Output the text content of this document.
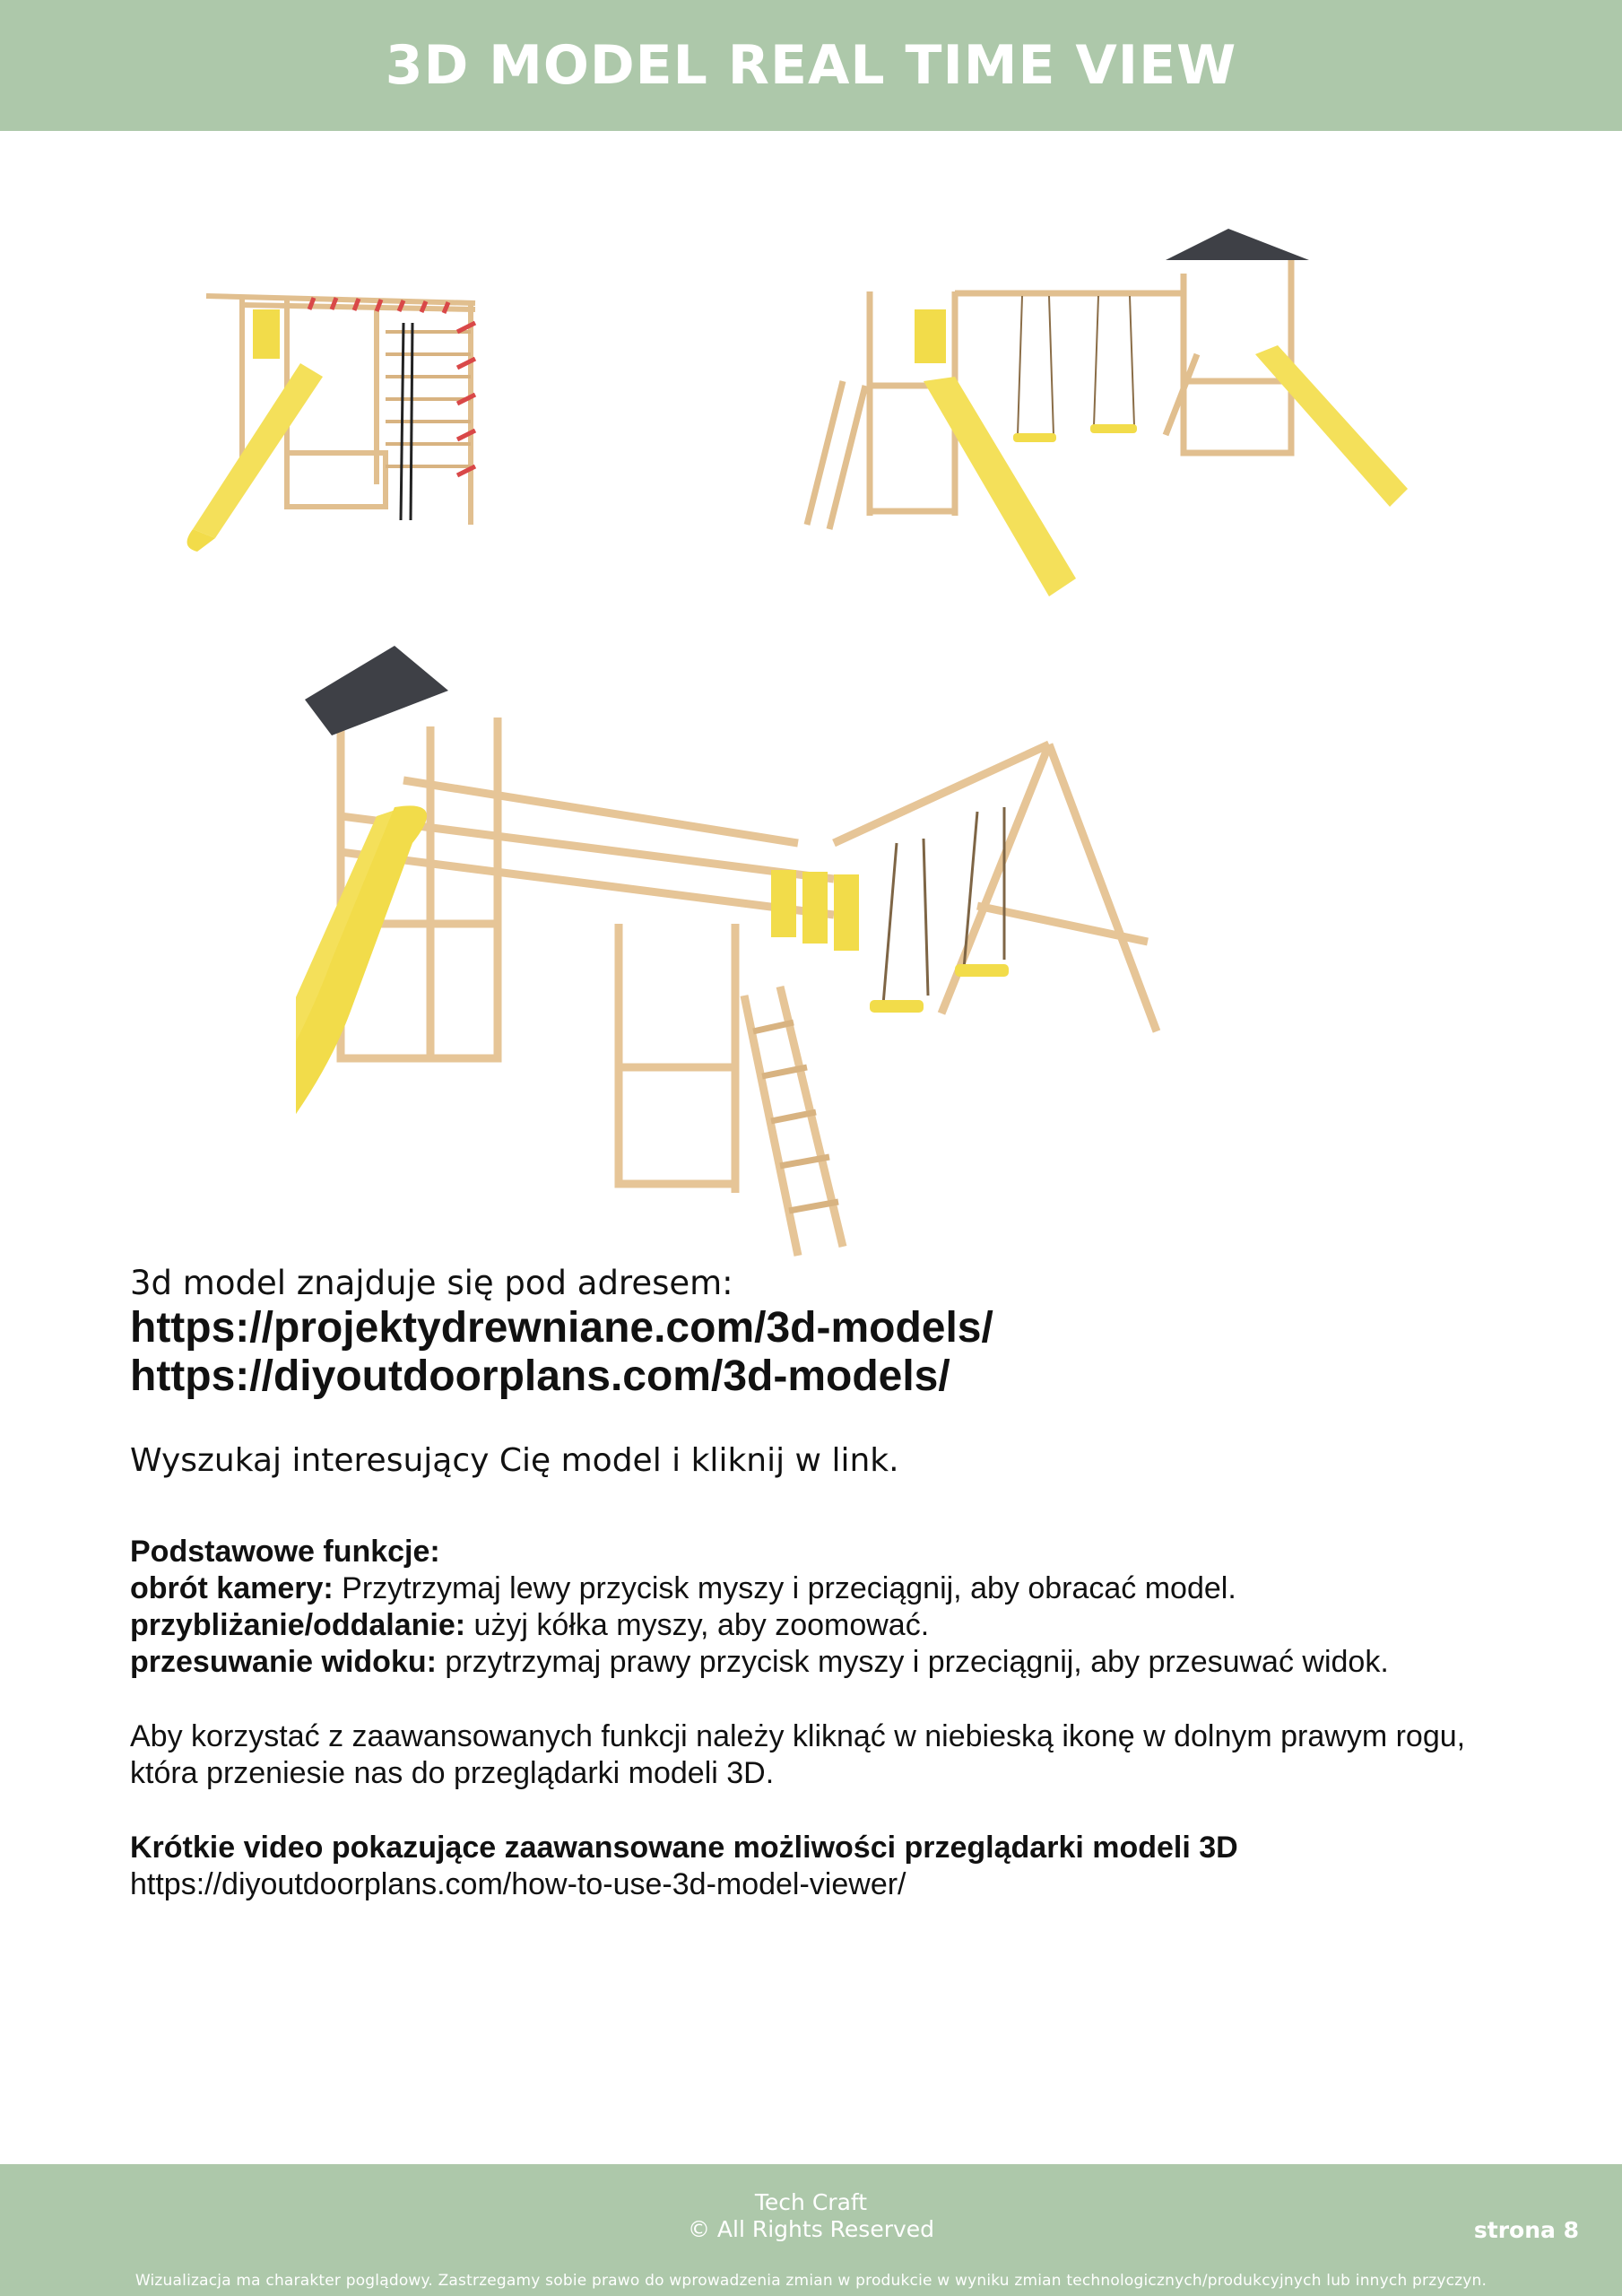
3D MODEL REAL TIME VIEW
3d model znajduje się pod adresem:
https://projektydrewniane.com/3d-models/
https://diyoutdoorplans.com/3d-models/
Wyszukaj interesujący Cię model i kliknij w link.
Podstawowe funkcje:
obrót kamery: Przytrzymaj lewy przycisk myszy i przeciągnij, aby obracać model.
przybliżanie/oddalanie: użyj kółka myszy, aby zoomować.
przesuwanie widoku: przytrzymaj prawy przycisk myszy i przeciągnij, aby przesuwać widok.
Aby korzystać z zaawansowanych funkcji należy kliknąć w niebieską ikonę w dolnym prawym rogu, która przeniesie nas do przeglądarki modeli 3D.
Krótkie video pokazujące zaawansowane możliwości przeglądarki modeli 3D
https://diyoutdoorplans.com/how-to-use-3d-model-viewer/
Tech Craft
© All Rights Reserved	strona 8
Wizualizacja ma charakter poglądowy. Zastrzegamy sobie prawo do wprowadzenia zmian w produkcie w wyniku zmian technologicznych/produkcyjnych lub innych przyczyn.
